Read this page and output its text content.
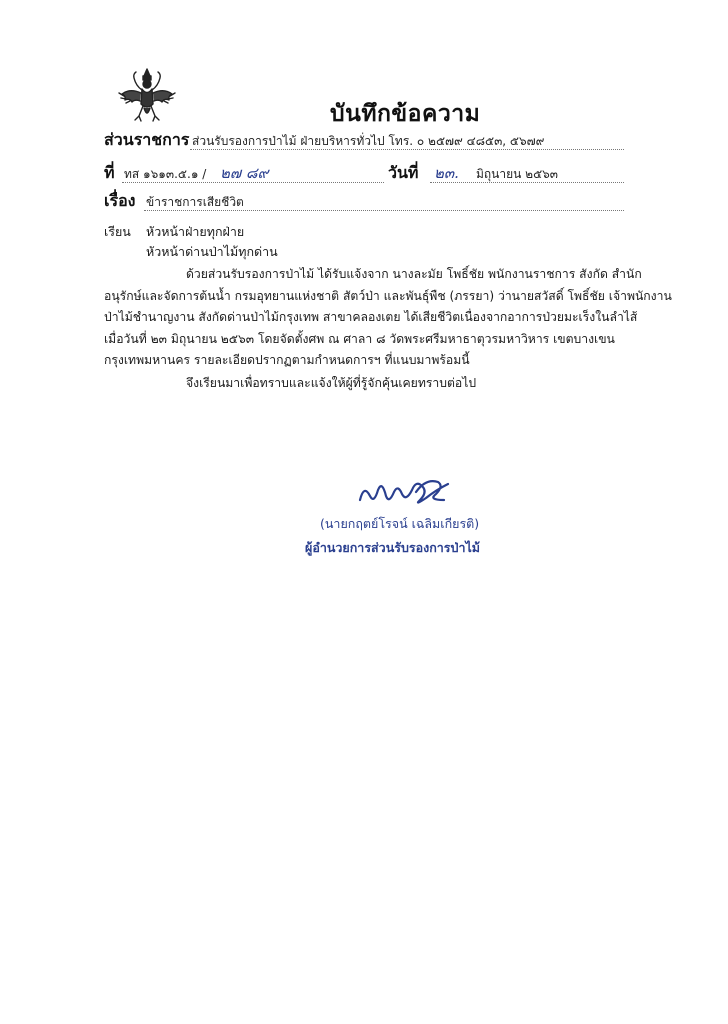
บันทึกข้อความ
ส่วนราชการ ส่วนรับรองการป่าไม้ ฝ่ายบริหารทั่วไป โทร. ๐ ๒๕๗๙ ๔๘๕๓, ๕๖๗๙
ที่ ทส ๑๖๑๓.๕.๑ / ๒๗ ๘๙	วันที่ ๒๓. มิถุนายน ๒๕๖๓
เรื่อง ข้าราชการเสียชีวิต
เรียน หัวหน้าฝ่ายทุกฝ่าย
หัวหน้าด่านป่าไม้ทุกด่าน

ด้วยส่วนรับรองการป่าไม้ ได้รับแจ้งจาก นางละมัย โพธิ์ชัย พนักงานราชการ สังกัด สำนัก

อนุรักษ์และจัดการต้นน้ำ กรมอุทยานแห่งชาติ สัตว์ป่า และพันธุ์พืช (ภรรยา) ว่านายสวัสดิ์ โพธิ์ชัย เจ้าพนักงาน

ป่าไม้ชำนาญงาน สังกัดด่านป่าไม้กรุงเทพ สาขาคลองเตย ได้เสียชีวิตเนื่องจากอาการป่วยมะเร็งในลำไส้

เมื่อวันที่ ๒๓ มิถุนายน ๒๕๖๓ โดยจัดตั้งศพ ณ ศาลา ๘ วัดพระศรีมหาธาตุวรมหาวิหาร เขตบางเขน

กรุงเทพมหานคร รายละเอียดปรากฏตามกำหนดการฯ ที่แนบมาพร้อมนี้

จึงเรียนมาเพื่อทราบและแจ้งให้ผู้ที่รู้จักคุ้นเคยทราบต่อไป
(นายกฤตย์โรจน์ เฉลิมเกียรติ)
ผู้อำนวยการส่วนรับรองการป่าไม้
